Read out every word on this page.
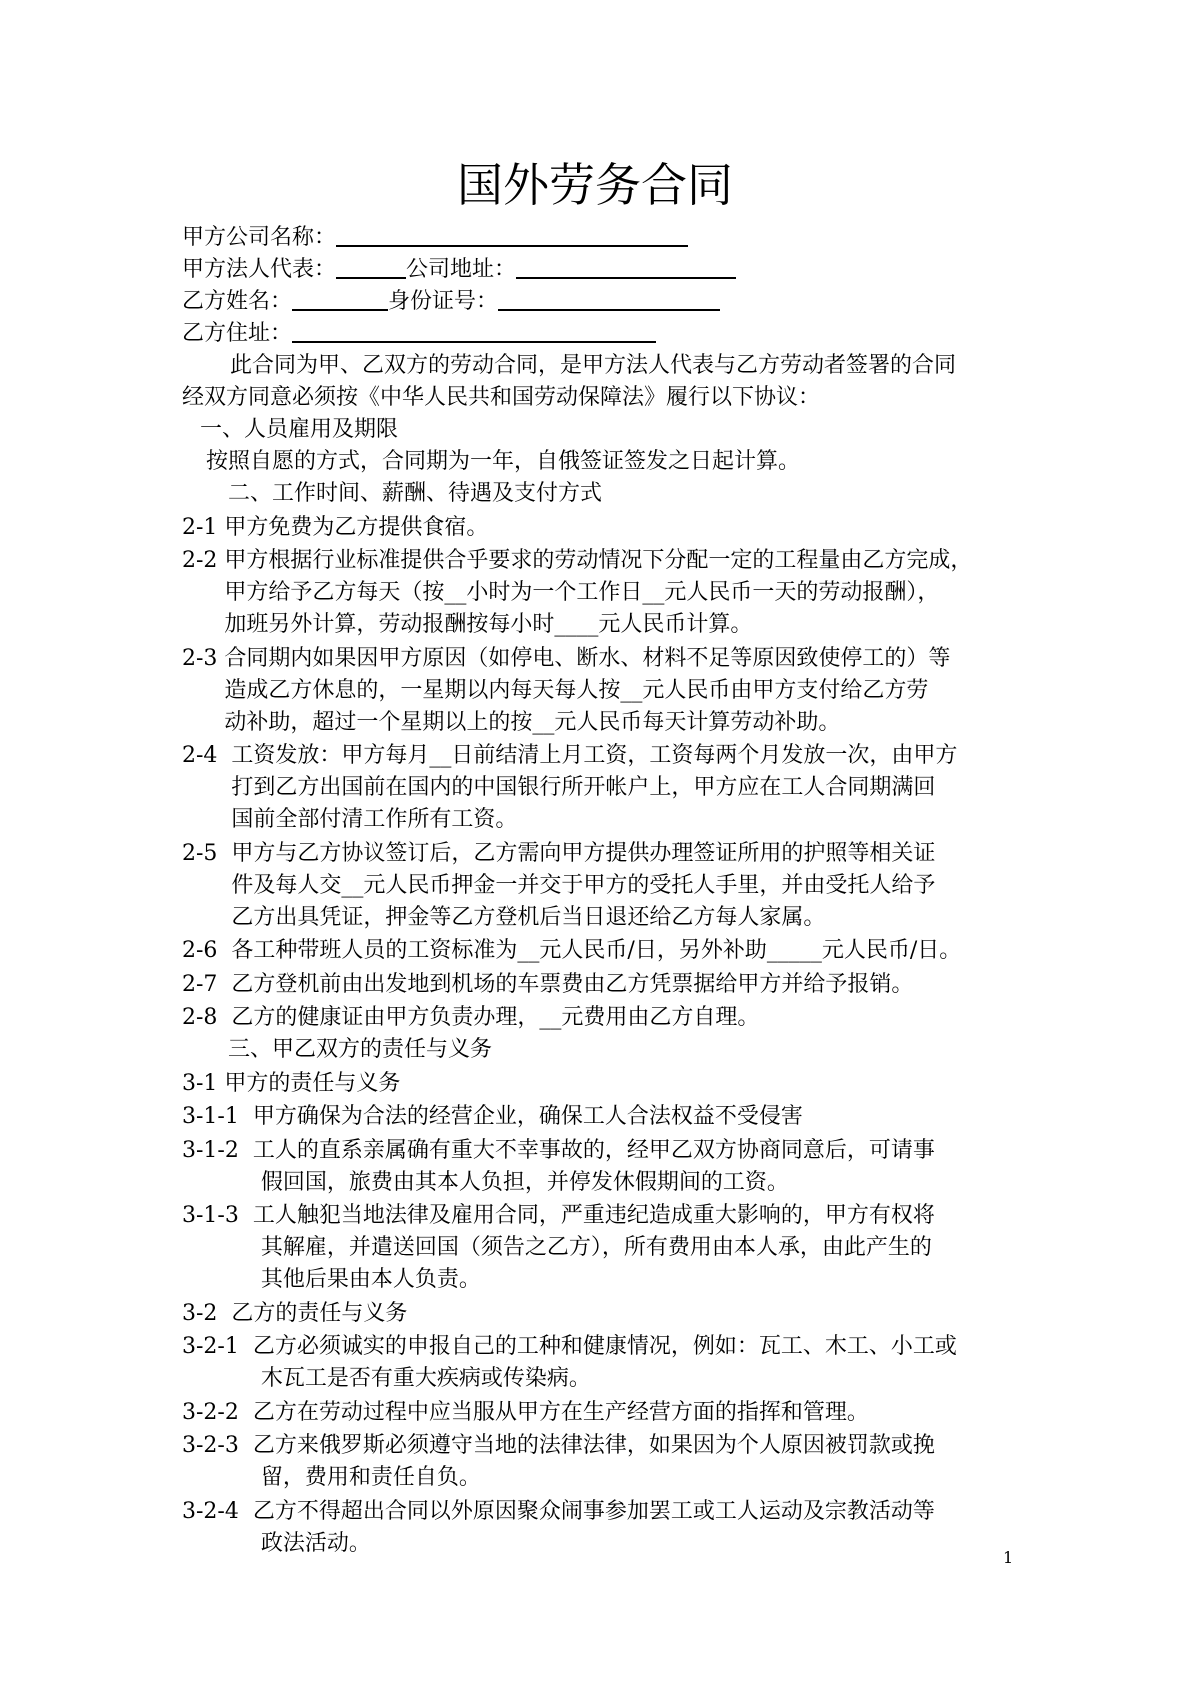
国外劳务合同
甲方公司名称：
甲方法人代表：	公司地址：
乙方姓名：	身份证号：
乙方住址：
此合同为甲、乙双方的劳动合同，是甲方法人代表与乙方劳动者签署的合同
经双方同意必须按《中华人民共和国劳动保障法》履行以下协议：
一、人员雇用及期限
按照自愿的方式，合同期为一年，自俄签证签发之日起计算。
二、工作时间、薪酬、待遇及支付方式
2-1 甲方免费为乙方提供食宿。
2-2 甲方根据行业标准提供合乎要求的劳动情况下分配一定的工程量由乙方完成，
甲方给予乙方每天（按__小时为一个工作日__元人民币一天的劳动报酬），
加班另外计算，劳动报酬按每小时____元人民币计算。
2-3 合同期内如果因甲方原因（如停电、断水、材料不足等原因致使停工的）等
造成乙方休息的，一星期以内每天每人按__元人民币由甲方支付给乙方劳
动补助，超过一个星期以上的按__元人民币每天计算劳动补助。
2-4 工资发放：甲方每月__日前结清上月工资，工资每两个月发放一次，由甲方
打到乙方出国前在国内的中国银行所开帐户上，甲方应在工人合同期满回
国前全部付清工作所有工资。
2-5 甲方与乙方协议签订后，乙方需向甲方提供办理签证所用的护照等相关证
件及每人交__元人民币押金一并交于甲方的受托人手里，并由受托人给予
乙方出具凭证，押金等乙方登机后当日退还给乙方每人家属。
2-6 各工种带班人员的工资标准为__元人民币/日，另外补助_____元人民币/日。
2-7 乙方登机前由出发地到机场的车票费由乙方凭票据给甲方并给予报销。
2-8 乙方的健康证由甲方负责办理，__元费用由乙方自理。
三、甲乙双方的责任与义务
3-1 甲方的责任与义务
3-1-1 甲方确保为合法的经营企业，确保工人合法权益不受侵害
3-1-2 工人的直系亲属确有重大不幸事故的，经甲乙双方协商同意后，可请事
假回国，旅费由其本人负担，并停发休假期间的工资。
3-1-3 工人触犯当地法律及雇用合同，严重违纪造成重大影响的，甲方有权将
其解雇，并遣送回国（须告之乙方），所有费用由本人承，由此产生的
其他后果由本人负责。
3-2 乙方的责任与义务
3-2-1 乙方必须诚实的申报自己的工种和健康情况，例如：瓦工、木工、小工或
木瓦工是否有重大疾病或传染病。
3-2-2 乙方在劳动过程中应当服从甲方在生产经营方面的指挥和管理。
3-2-3 乙方来俄罗斯必须遵守当地的法律法律，如果因为个人原因被罚款或挽
留，费用和责任自负。
3-2-4 乙方不得超出合同以外原因聚众闹事参加罢工或工人运动及宗教活动等
政法活动。
1
